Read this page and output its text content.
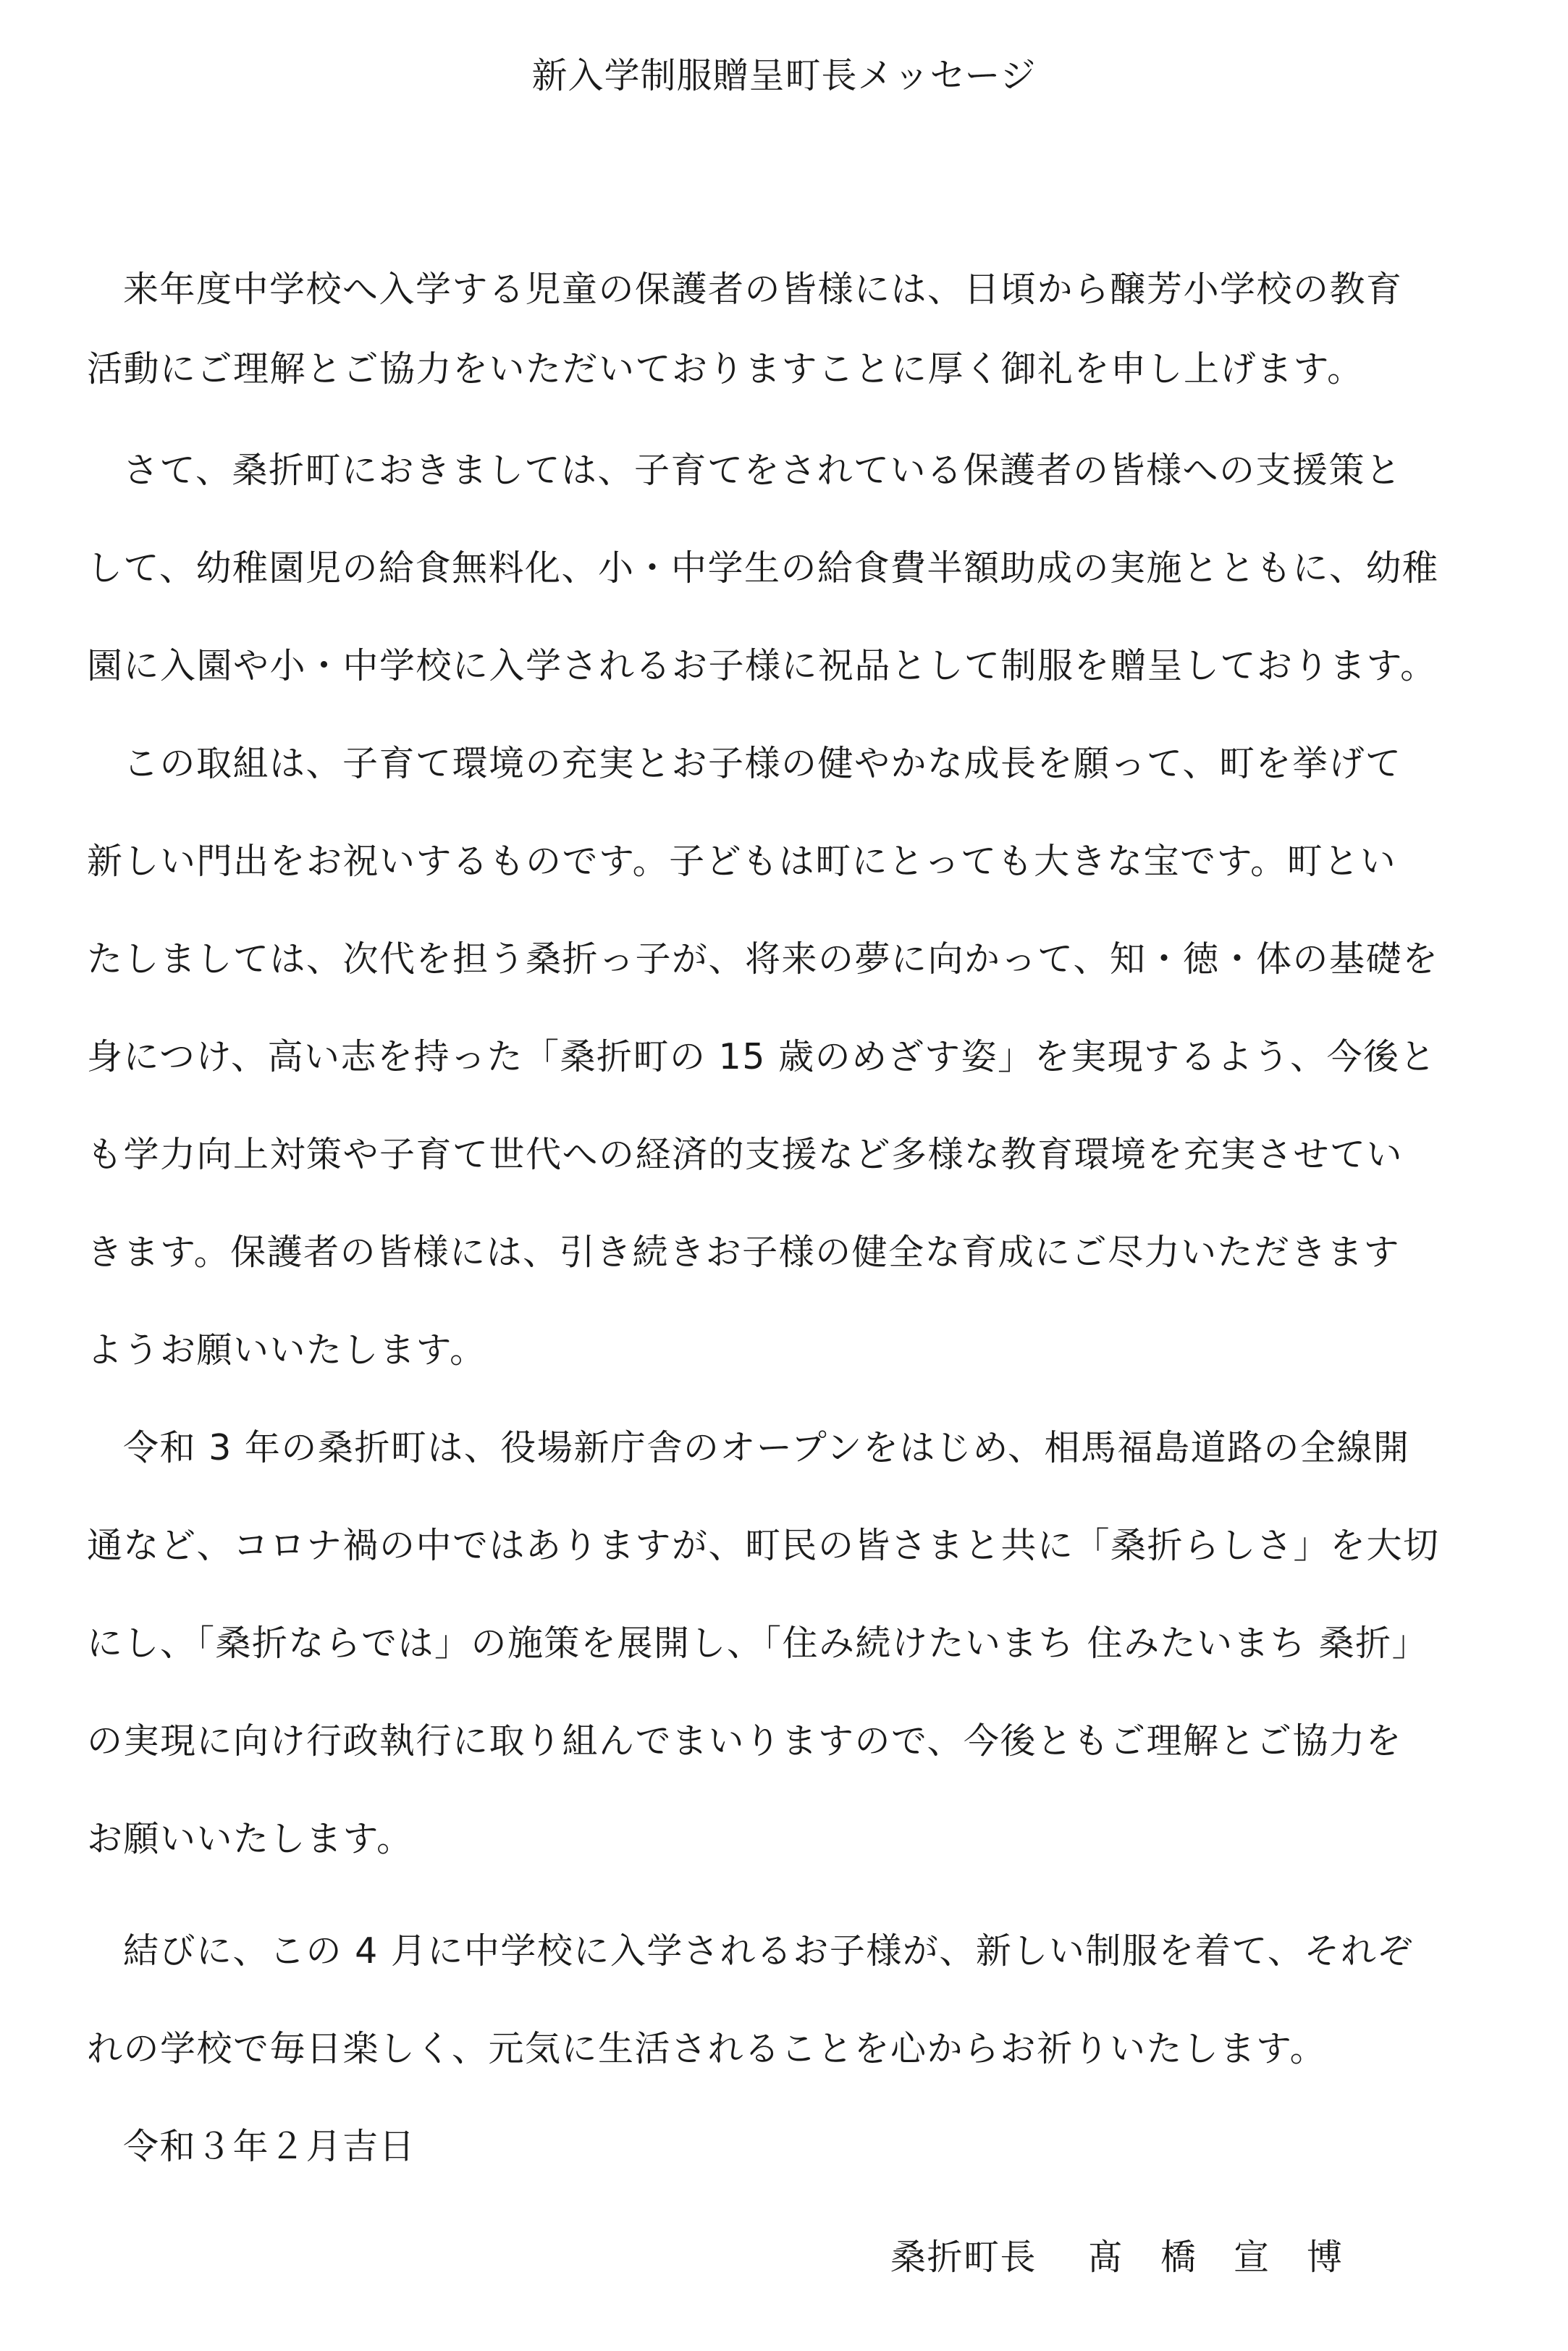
新入学制服贈呈町長メッセージ

来年度中学校へ入学する児童の保護者の皆様には、日頃から醸芳小学校の教育

活動にご理解とご協力をいただいておりますことに厚く御礼を申し上げます。

さて、桑折町におきましては、子育てをされている保護者の皆様への支援策と

して、幼稚園児の給食無料化、小・中学生の給食費半額助成の実施とともに、幼稚

園に入園や小・中学校に入学されるお子様に祝品として制服を贈呈しております。

この取組は、子育て環境の充実とお子様の健やかな成長を願って、町を挙げて

新しい門出をお祝いするものです。子どもは町にとっても大きな宝です。町とい

たしましては、次代を担う桑折っ子が、将来の夢に向かって、知・徳・体の基礎を

身につけ、高い志を持った「桑折町の 15 歳のめざす姿」を実現するよう、今後と

も学力向上対策や子育て世代への経済的支援など多様な教育環境を充実させてい

きます。保護者の皆様には、引き続きお子様の健全な育成にご尽力いただきます

ようお願いいたします。

令和 3 年の桑折町は、役場新庁舎のオープンをはじめ、相馬福島道路の全線開

通など、コロナ禍の中ではありますが、町民の皆さまと共に「桑折らしさ」を大切

にし、「桑折ならでは」の施策を展開し、「住み続けたいまち 住みたいまち 桑折」

の実現に向け行政執行に取り組んでまいりますので、今後ともご理解とご協力を

お願いいたします。

結びに、この 4 月に中学校に入学されるお子様が、新しい制服を着て、それぞ

れの学校で毎日楽しく、元気に生活されることを心からお祈りいたします。

令和３年２月吉日

桑折町長 髙橋宣博
